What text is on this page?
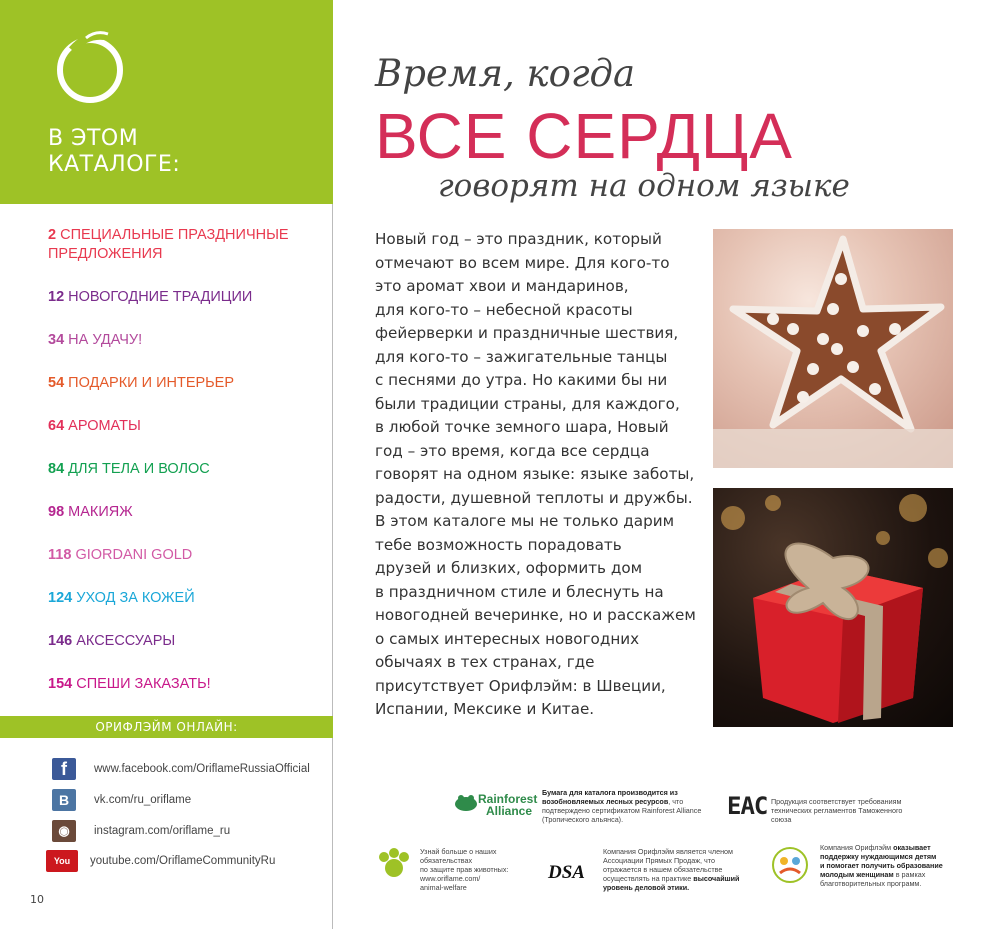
В ЭТОМ
КАТАЛОГЕ:
2 СПЕЦИАЛЬНЫЕ ПРАЗДНИЧНЫЕ
ПРЕДЛОЖЕНИЯ
12 НОВОГОДНИЕ ТРАДИЦИИ
34 НА УДАЧУ!
54 ПОДАРКИ И ИНТЕРЬЕР
64 АРОМАТЫ
84 ДЛЯ ТЕЛА И ВОЛОС
98 МАКИЯЖ
118 GIORDANI GOLD
124 УХОД ЗА КОЖЕЙ
146 АКСЕССУАРЫ
154 СПЕШИ ЗАКАЗАТЬ!
ОРИФЛЭЙМ ОНЛАЙН:
f	www.facebook.com/OriflameRussiaOfficial
В	vk.com/ru_oriflame
◉	instagram.com/oriflame_ru
You	youtube.com/OriflameCommunityRu
10
Время, когда
ВСЕ СЕРДЦА
говорят на одном языке
Новый год – это праздник, который
отмечают во всем мире. Для кого-то
это аромат хвои и мандаринов,
для кого-то – небесной красоты
фейерверки и праздничные шествия,
для кого-то – зажигательные танцы
с песнями до утра. Но какими бы ни
были традиции страны, для каждого,
в любой точке земного шара, Новый
год – это время, когда все сердца
говорят на одном языке: языке заботы,
радости, душевной теплоты и дружбы.
В этом каталоге мы не только дарим
тебе возможность порадовать
друзей и близких, оформить дом
в праздничном стиле и блеснуть на
новогодней вечеринке, но и расскажем
о самых интересных новогодних
обычаях в тех странах, где
присутствует Орифлэйм: в Швеции,
Испании, Мексике и Китае.
Rainforest
Alliance
Бумага для каталога производится из
возобновляемых лесных ресурсов, что
подтверждено сертификатом Rainforest Alliance
(Тропического альянса).	EAC Продукция соответствует требованиям
технических регламентов Таможенного
союза
Узнай больше о наших
обязательствах
по защите прав животных:
www.oriflame.com/
animal-welfare
DSA
Компания Орифлэйм является членом
Ассоциации Прямых Продаж, что
отражается в нашем обязательстве
осуществлять на практике высочайший
уровень деловой этики.
Компания Орифлэйм оказывает
поддержку нуждающимся детям
и помогает получить образование
молодым женщинам в рамках
благотворительных программ.
